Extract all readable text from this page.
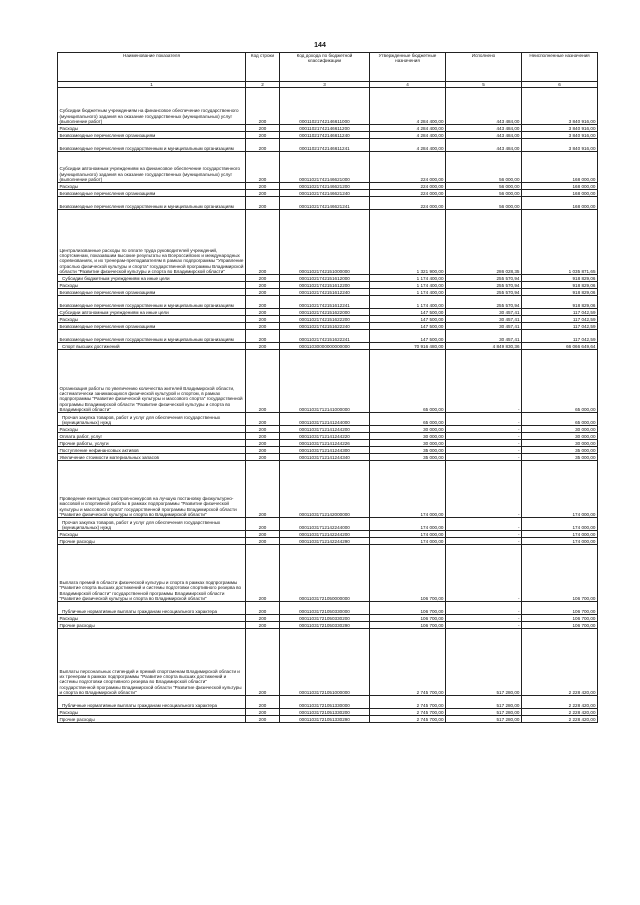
144
Наименование показателя	Код строки	Код дохода по бюджетной классификации	Утвержденные бюджетные назначения	Исполнено	Неисполненные назначения
1	2	3	4	5	6
Субсидии бюджетным учреждениям на финансовое обеспечение государственного (муниципального) задания на оказание государственных (муниципальных) услуг (выполнение работ)	200	00011021742146611000	4 284 400,00	443 484,00	3 840 916,00
Расходы	200	00011021742146611200	4 284 400,00	443 484,00	3 840 916,00
Безвозмездные перечисления организациям	200	00011021742146611240	4 284 400,00	443 484,00	3 840 916,00
Безвозмездные перечисления государственным и муниципальным организациям	200	00011021742146611241	4 284 400,00	443 484,00	3 840 916,00
Субсидии автономным учреждениям на финансовое обеспечение государственного (муниципального) задания на оказание государственных (муниципальных) услуг (выполнение работ)	200	00011021742146621000	224 000,00	56 000,00	168 000,00
Расходы	200	00011021742146621200	224 000,00	56 000,00	168 000,00
Безвозмездные перечисления организациям	200	00011021742146621240	224 000,00	56 000,00	168 000,00
Безвозмездные перечисления государственным и муниципальным организациям	200	00011021742146621241	224 000,00	56 000,00	168 000,00
Централизованные расходы по оплате труда руководителей учреждений, спортсменам, показавшим высокие результаты на Всероссийских и международных соревнованиях, и их тренерам-преподавателям в рамках подпрограммы "Управление отраслью физической культуры и спорта" государственной программы Владимирской области "Развитие физической культуры и спорта во Владимирской области"	200	00011021742151000000	1 321 900,00	286 028,35	1 035 871,65
Субсидии бюджетным учреждениям на иные цели	200	00011021742151612000	1 174 400,00	255 570,94	918 829,06
Расходы	200	00011021742151612200	1 174 400,00	255 570,94	918 829,06
Безвозмездные перечисления организациям	200	00011021742151612240	1 174 400,00	255 570,94	918 829,06
Безвозмездные перечисления государственным и муниципальным организациям	200	00011021742151612241	1 174 400,00	255 570,94	918 829,06
Субсидии автономным учреждениям на иные цели	200	00011021742151622000	147 500,00	30 457,41	117 042,59
Расходы	200	00011021742151622200	147 500,00	30 457,41	117 042,59
Безвозмездные перечисления организациям	200	00011021742151622240	147 500,00	30 457,41	117 042,59
Безвозмездные перечисления государственным и муниципальным организациям	200	00011021742151622241	147 500,00	30 457,41	117 042,59
Спорт высших достижений	200	00011030000000000000	70 916 480,00	4 849 830,36	66 066 649,64
Организация работы по увеличению количества жителей Владимирской области, систематически занимающихся физической культурой и спортом, в рамках подпрограммы "Развитие физической культуры и массового спорта" государственной программы Владимирской области "Развитие физической культуры и спорта во Владимирской области"	200	00011031712141000000	65 000,00	-	65 000,00
Прочая закупка товаров, работ и услуг для обеспечения государственных (муниципальных) нужд	200	00011031712141244000	65 000,00	-	65 000,00
Расходы	200	00011031712141244200	30 000,00	-	30 000,00
Оплата работ, услуг	200	00011031712141244220	30 000,00	-	30 000,00
Прочие работы, услуги	200	00011031712141244226	30 000,00	-	30 000,00
Поступление нефинансовых активов	200	00011031712141244300	35 000,00	-	35 000,00
Увеличение стоимости материальных запасов	200	00011031712141244340	35 000,00	-	35 000,00
Проведение ежегодных смотров-конкурсов на лучшую постановку физкультурно-массовой и спортивной работы в рамках подпрограммы "Развитие физической культуры и массового спорта" государственной программы Владимирской области "Развитие физической культуры и спорта во Владимирской области"	200	00011031712142000000	174 000,00	-	174 000,00
Прочая закупка товаров, работ и услуг для обеспечения государственных (муниципальных) нужд	200	00011031712142244000	174 000,00	-	174 000,00
Расходы	200	00011031712142244200	174 000,00	-	174 000,00
Прочие расходы	200	00011031712142244290	174 000,00	-	174 000,00
Выплата премий в области физической культуры и спорта в рамках подпрограммы "Развитие спорта высших достижений и системы подготовки спортивного резерва во Владимирской области" государственной программы Владимирской области "Развитие физической культуры и спорта во Владимирской области"	200	00011031721050000000	106 700,00	-	106 700,00
Публичные нормативные выплаты гражданам несоциального характера	200	00011031721050330000	106 700,00	-	106 700,00
Расходы	200	00011031721050330200	106 700,00	-	106 700,00
Прочие расходы	200	00011031721050330290	106 700,00	-	106 700,00
Выплаты персональных стипендий и премий спортсменам Владимирской области и их тренерам в рамках подпрограммы "Развитие спорта высших достижений и системы подготовки спортивного резерва во Владимирской области" государственной программы Владимирской области "Развитие физической культуры и спорта во Владимирской области"	200	00011031721051000000	2 745 700,00	517 280,00	2 228 420,00
Публичные нормативные выплаты гражданам несоциального характера	200	00011031721051330000	2 745 700,00	517 280,00	2 228 420,00
Расходы	200	00011031721051330200	2 745 700,00	517 280,00	2 228 420,00
Прочие расходы	200	00011031721051330290	2 745 700,00	517 280,00	2 228 420,00
